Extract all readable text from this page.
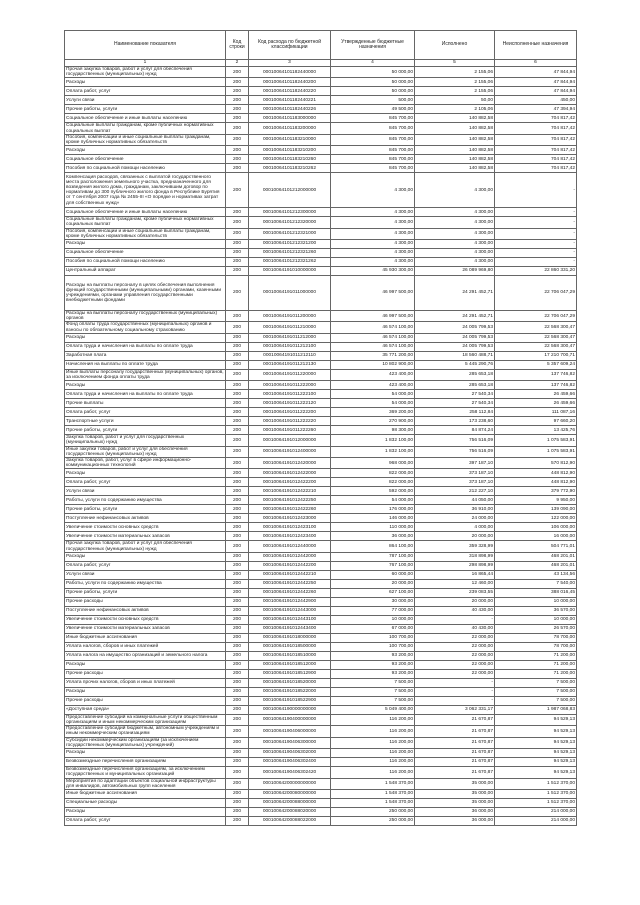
Наименование показателя	Код строки	Код расхода по бюджетной классификации	Утвержденные бюджетные назначения	Исполнено	Неисполненные назначения
1	2	3	4	5	6
Прочая закупка товаров, работ и услуг для обеспечения государственных (муниципальных) нужд	200	00010064101182440000	50 000,00	2 155,06	47 844,94
Расходы	200	00010064101182440200	50 000,00	2 155,06	47 844,94
Оплата работ, услуг	200	00010064101182440220	50 000,00	2 155,06	47 844,94
Услуги связи	200	00010064101182440221	500,00	50,00	450,00
Прочие работы, услуги	200	00010064101182440226	49 500,00	2 105,06	47 394,94
Социальное обеспечение и иные выплаты населению	200	00010064101183000000	845 700,00	140 882,58	704 817,42
Социальные выплаты гражданам, кроме публичных нормативных социальных выплат	200	00010064101183200000	845 700,00	140 882,58	704 817,42
Пособия, компенсации и иные социальные выплаты гражданам, кроме публичных нормативных обязательств	200	00010064101183210000	845 700,00	140 882,58	704 817,42
Расходы	200	00010064101183210200	845 700,00	140 882,58	704 817,42
Социальное обеспечение	200	00010064101183210260	845 700,00	140 882,58	704 817,42
Пособия по социальной помощи населению	200	00010064101183210262	845 700,00	140 882,58	704 817,42
Компенсация расходов, связанных с выплатой государственного места расположения земельного участка, предназначенного для возведения жилого дома, гражданам, заключившим договор по нормативам до 300 публичного жилого фонда в Республике Бурятия от 7 сентября 2007 года № 2455-III «О порядке и нормативах затрат для собственных нужд»	200	00010064101212000000	4 300,00	4 300,00	-
Социальное обеспечение и иные выплаты населению	200	00010064101212300000	4 300,00	4 300,00	-
Социальные выплаты гражданам, кроме публичных нормативных социальных выплат	200	00010064101212320000	4 300,00	4 300,00	-
Пособия, компенсации и иные социальные выплаты гражданам, кроме публичных нормативных обязательств	200	00010064101212321000	4 300,00	4 300,00	-
Расходы	200	00010064101212321200	4 300,00	4 300,00	-
Социальное обеспечение	200	00010064101212321260	4 300,00	4 300,00	-
Пособия по социальной помощи населению	200	00010064101212321262	4 300,00	4 300,00	-
Центральный аппарат	200	00010064191010000000	45 930 300,00	26 089 969,80	22 860 331,20
Расходы на выплаты персоналу в целях обеспечения выполнения функций государственными (муниципальными) органами, казенными учреждениями, органами управления государственными внебюджетными фондами	200	00010064191011000000	46 997 500,00	24 291 452,71	22 706 047,29
Расходы на выплаты персоналу государственных (муниципальных) органов	200	00010064191011200000	46 997 500,00	24 291 452,71	22 706 047,29
Фонд оплаты труда государственных (муниципальных) органов и взносы по обязательному социальному страхованию	200	00010064191011210000	46 574 100,00	24 005 799,53	22 568 300,47
Расходы	200	00010064191011212000	46 574 100,00	24 005 799,53	22 568 300,47
Оплата труда и начисления на выплаты по оплате труда	200	00010064191011212100	46 574 100,00	24 005 799,53	22 568 300,47
Заработная плата	200	00010064191011212110	35 771 200,00	18 560 488,71	17 210 700,71
Начисления на выплаты по оплате труда	200	00010064191011212130	10 802 900,00	5 445 290,76	5 357 609,24
Иные выплаты персоналу государственных (муниципальных) органов, за исключением фонда оплаты труда	200	00010064191011220000	423 400,00	285 653,18	137 746,82
Расходы	200	00010064191011222000	423 400,00	285 653,18	137 746,82
Оплата труда и начисления на выплаты по оплате труда	200	00010064191011222100	54 000,00	27 540,34	26 459,66
Прочие выплаты	200	00010064191011222120	54 000,00	27 540,34	26 459,66
Оплата работ, услуг	200	00010064191011222200	369 200,00	258 112,84	111 087,16
Транспортные услуги	200	00010064191011222220	270 900,00	173 238,60	97 660,20
Прочие работы, услуги	200	00010064191011222260	98 300,00	84 874,24	13 425,76
Закупка товаров, работ и услуг для государственных (муниципальных) нужд	200	00010064191012000000	1 832 100,00	756 516,09	1 075 583,91
Иные закупки товаров, работ и услуг для обеспечения государственных (муниципальных) нужд	200	00010064191012400000	1 832 100,00	756 516,09	1 075 583,91
Закупка товаров, работ, услуг в сфере информационно-коммуникационных технологий	200	00010064191012420000	968 000,00	397 187,10	570 812,90
Расходы	200	00010064191012422000	822 000,00	373 187,10	448 812,90
Оплата работ, услуг	200	00010064191012422200	822 000,00	373 187,10	448 812,90
Услуги связи	200	00010064191012422210	592 000,00	212 227,10	379 772,90
Работы, услуги по содержанию имущества	200	00010064191012422250	54 000,00	44 050,00	9 950,00
Прочие работы, услуги	200	00010064191012422260	176 000,00	36 910,00	139 090,00
Поступление нефинансовых активов	200	00010064191012423000	146 000,00	24 000,00	122 000,00
Увеличение стоимости основных средств	200	00010064191012423100	110 000,00	4 000,00	106 000,00
Увеличение стоимости материальных запасов	200	00010064191012423400	36 000,00	20 000,00	16 000,00
Прочая закупка товаров, работ и услуг для обеспечения государственных (муниципальных) нужд	200	00010064191012440000	864 100,00	359 328,99	504 771,01
Расходы	200	00010064191012442000	787 100,00	318 898,99	468 201,01
Оплата работ, услуг	200	00010064191012442200	767 100,00	298 898,99	468 201,01
Услуги связи	200	00010064191012442210	60 000,00	16 865,44	43 134,56
Работы, услуги по содержанию имущества	200	00010064191012442250	20 000,00	12 460,00	7 540,00
Прочие работы, услуги	200	00010064191012442260	627 100,00	239 083,55	388 016,45
Прочие расходы	200	00010064191012442900	30 000,00	20 000,00	10 000,00
Поступление нефинансовых активов	200	00010064191012443000	77 000,00	40 430,00	36 570,00
Увеличение стоимости основных средств	200	00010064191012443100	10 000,00	-	10 000,00
Увеличение стоимости материальных запасов	200	00010064191012443400	67 000,00	40 430,00	26 570,00
Иные бюджетные ассигнования	200	00010064191018000000	100 700,00	22 000,00	78 700,00
Уплата налогов, сборов и иных платежей	200	00010064191018500000	100 700,00	22 000,00	78 700,00
Уплата налога на имущество организаций и земельного налога	200	00010064191018510000	93 200,00	22 000,00	71 200,00
Расходы	200	00010064191018512000	93 200,00	22 000,00	71 200,00
Прочие расходы	200	00010064191018512900	93 200,00	22 000,00	71 200,00
Уплата прочих налогов, сборов и иных платежей	200	00010064191018520000	7 500,00	-	7 500,00
Расходы	200	00010064191018522000	7 500,00	-	7 500,00
Прочие расходы	200	00010064191018522900	7 500,00	-	7 500,00
«Доступная среда»	200	00010064190000000000	5 049 400,00	3 062 331,17	1 987 068,83
Предоставление субсидий на коммунальные услуги общественным организациям и иным некоммерческим организациям	200	00010064190400000000	116 200,00	21 670,87	94 529,13
Предоставление субсидий бюджетным, автономным учреждениям и иным некоммерческим организациям	200	00010064190406000000	116 200,00	21 670,87	94 529,13
Субсидии некоммерческим организациям (за исключением государственных (муниципальных) учреждений)	200	00010064190406300000	116 200,00	21 670,87	94 529,13
Расходы	200	00010064190406302000	116 200,00	21 670,87	94 529,13
Безвозмездные перечисления организациям	200	00010064190406302400	116 200,00	21 670,87	94 529,13
Безвозмездные перечисления организациям, за исключением государственных и муниципальных организаций	200	00010064190406302420	116 200,00	21 670,87	94 529,13
Мероприятия по адаптации объектов социальной инфраструктуры для инвалидов, автомобильных групп населения	200	00010064200000000000	1 548 370,00	35 000,00	1 512 370,00
Иные бюджетные ассигнования	200	00010064200080000000	1 548 370,00	35 000,00	1 512 370,00
Специальные расходы	200	00010064200088000000	1 548 370,00	35 000,00	1 512 370,00
Расходы	200	00010064200088020000	250 000,00	36 000,00	214 000,00
Оплата работ, услуг	200	00010064200088022000	250 000,00	36 000,00	214 000,00
